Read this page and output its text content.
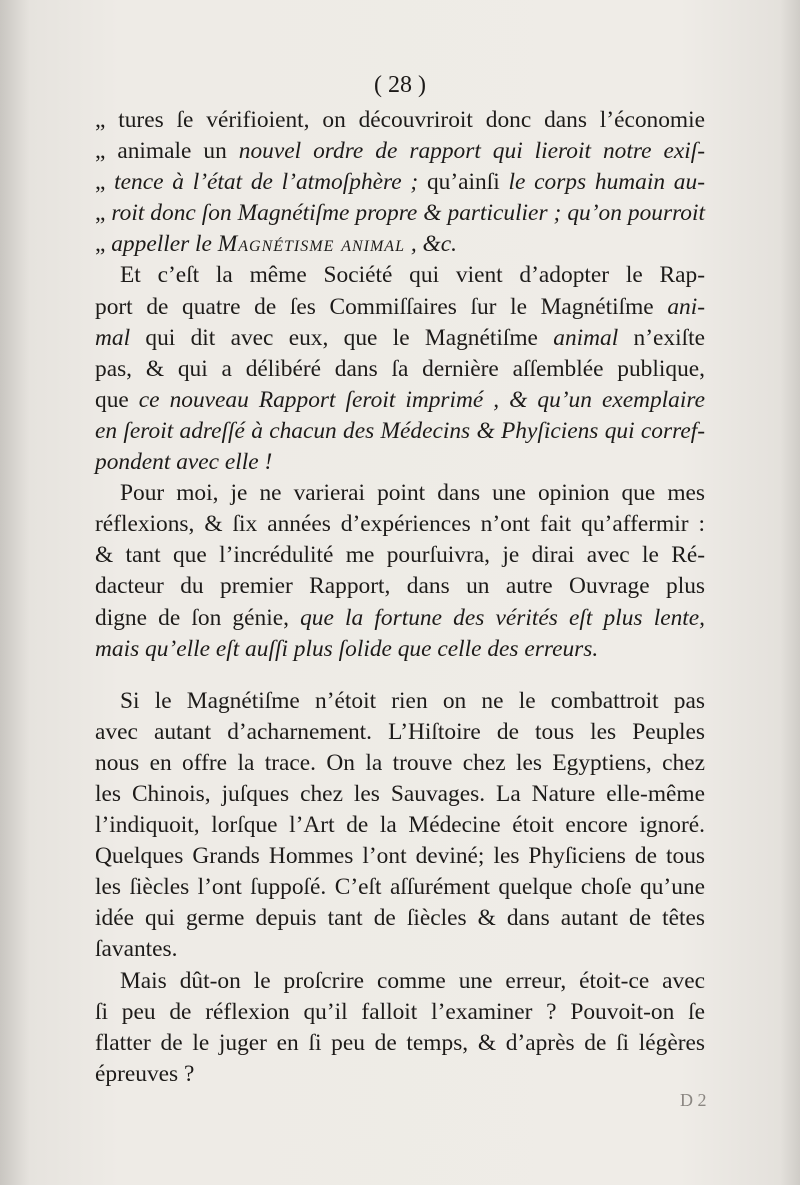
( 28 )
„ tures ſe vérifioient, on découvriroit donc dans l’économie
„ animale un nouvel ordre de rapport qui lieroit notre exiſ-
„ tence à l’état de l’atmoſphère ; qu’ainſi le corps humain au-
„ roit donc ſon Magnétiſme propre & particulier ; qu’on pourroit
„ appeller le Magnétisme animal , &c.
Et c’eſt la même Société qui vient d’adopter le Rap-
port de quatre de ſes Commiſſaires ſur le Magnétiſme ani-
mal qui dit avec eux, que le Magnétiſme animal n’exiſte
pas, & qui a délibéré dans ſa dernière aſſemblée publique,
que ce nouveau Rapport ſeroit imprimé , & qu’un exemplaire
en ſeroit adreſſé à chacun des Médecins & Phyſiciens qui corref-
pondent avec elle !
Pour moi, je ne varierai point dans une opinion que mes
réflexions, & ſix années d’expériences n’ont fait qu’affermir :
& tant que l’incrédulité me pourſuivra, je dirai avec le Ré-
dacteur du premier Rapport, dans un autre Ouvrage plus
digne de ſon génie, que la fortune des vérités eſt plus lente,
mais qu’elle eſt auſſi plus ſolide que celle des erreurs.
Si le Magnétiſme n’étoit rien on ne le combattroit pas
avec autant d’acharnement. L’Hiſtoire de tous les Peuples
nous en offre la trace. On la trouve chez les Egyptiens, chez
les Chinois, juſques chez les Sauvages. La Nature elle-même
l’indiquoit, lorſque l’Art de la Médecine étoit encore ignoré.
Quelques Grands Hommes l’ont deviné; les Phyſiciens de tous
les ſiècles l’ont ſuppoſé. C’eſt aſſurément quelque choſe qu’une
idée qui germe depuis tant de ſiècles & dans autant de têtes
ſavantes.
Mais dût-on le proſcrire comme une erreur, étoit-ce avec
ſi peu de réflexion qu’il falloit l’examiner ? Pouvoit-on ſe
flatter de le juger en ſi peu de temps, & d’après de ſi légères
épreuves ?
D 2
